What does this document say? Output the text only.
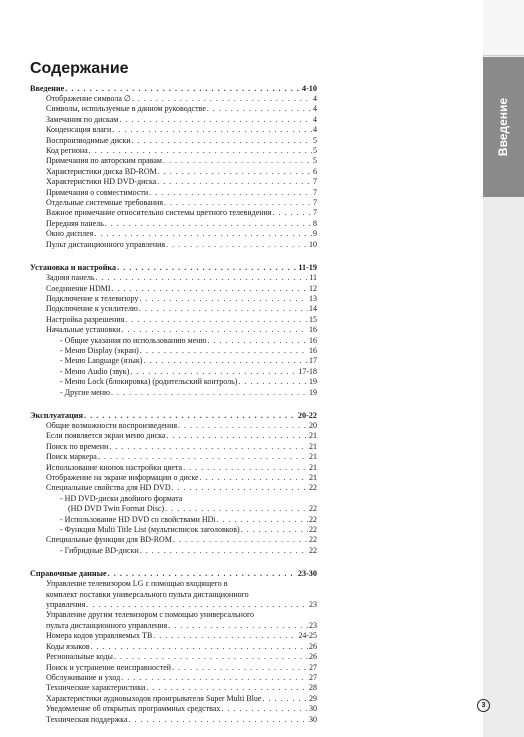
Введение
Содержание
Введение . . .	4-10
Отображение символа ∅ . . .	4
Символы, используемые в данном руководстве . . .	4
Замечания по дискам . . .	4
Конденсация влаги . . .	4
Воспроизводимые диски . . .	5
Код региона . . .	5
Примечания по авторским правам . . .	5
Характеристики диска BD-ROM . . .	6
Характеристики HD DVD-диска . . .	7
Примечания о совместимости . . .	7
Отдельные системные требования . . .	7
Важное примечание относительно системы цветного телевидения . . .	7
Передняя панель . . .	8
Окно дисплея . . .	9
Пульт дистанционного управления . . .	10
Установка и настройка . . .	11-19
Задняя панель . . .	11
Соединение HDMI . . .	12
Подключение к телевизору . . .	13
Подключение к усилителю . . .	14
Настройка разрешения . . .	15
Начальные установки . . .	16
- Общие указания по использованию меню . . .	16
- Меню Display (экран) . . .	16
- Меню Language (язык) . . .	17
- Меню Audio (звук) . . .	17-18
- Меню Lock (блокировка) (родительский контроль) . . .	19
- Другие меню . . .	19
Эксплуатация . . .	20-22
Общие возможности воспроизведения . . .	20
Если появляется экран меню диска . . .	21
Поиск по времени . . .	21
Поиск маркера . . .	21
Использование кнопок настройки цвета . . .	21
Отображение на экране информации о диске . . .	21
Специальные свойства для HD DVD . . .	22
- HD DVD-диски двойного формата
(HD DVD Twin Format Disc) . . .	22
- Использование HD DVD со свойствами HDi . . .	22
- Функция Multi Title List (мультисписок заголовков) . . .	22
Специальные функции для BD-ROM . . .	22
- Гибридные BD-диски . . .	22
Справочные данные . . .	23-30
Управление телевизором LG с помощью входящего в
комплект поставки универсального пульта дистанционного
управления . . .	23
Управление другим телевизором с помощью универсального
пульта дистанционного управления . . .	23
Номера кодов управляемых ТВ . . .	24-25
Коды языков . . .	26
Региональные коды . . .	26
Поиск и устранение неисправностей . . .	27
Обслуживание и уход . . .	27
Технические характеристики . . .	28
Характеристики аудиовыходов проигрывателя Super Multi Blue . . .	29
Уведомление об открытых программных средствах . . .	30
Техническая поддержка . . .	30
3
